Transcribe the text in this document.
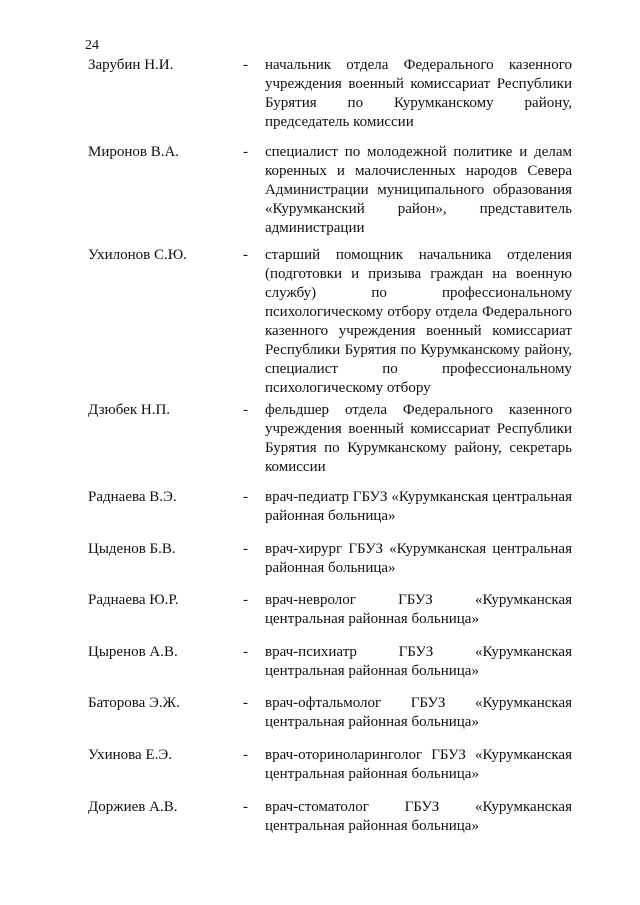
24
Зарубин Н.И.	- начальник отдела Федерального казенного учреждения военный комиссариат Республики Бурятия по Курумканскому району, председатель комиссии
Миронов В.А.	- специалист по молодежной политике и делам коренных и малочисленных народов Севера Администрации муниципального образования «Курумканский район», представитель администрации
Ухилонов С.Ю.	- старший помощник начальника отделения (подготовки и призыва граждан на военную службу) по профессиональному психологическому отбору отдела Федерального казенного учреждения военный комиссариат Республики Бурятия по Курумканскому району, специалист по профессиональному психологическому отбору
Дзюбек Н.П.	- фельдшер отдела Федерального казенного учреждения военный комиссариат Республики Бурятия по Курумканскому району, секретарь комиссии
Раднаева В.Э.	- врач-педиатр ГБУЗ «Курумканская центральная районная больница»
Цыденов Б.В.	- врач-хирург ГБУЗ «Курумканская центральная районная больница»
Раднаева Ю.Р.	- врач-невролог ГБУЗ «Курумканская центральная районная больница»
Цыренов А.В.	- врач-психиатр ГБУЗ «Курумканская центральная районная больница»
Баторова Э.Ж.	- врач-офтальмолог ГБУЗ «Курумканская центральная районная больница»
Ухинова Е.Э.	- врач-оториноларинголог ГБУЗ «Курумканская центральная районная больница»
Доржиев А.В.	- врач-стоматолог ГБУЗ «Курумканская центральная районная больница»
